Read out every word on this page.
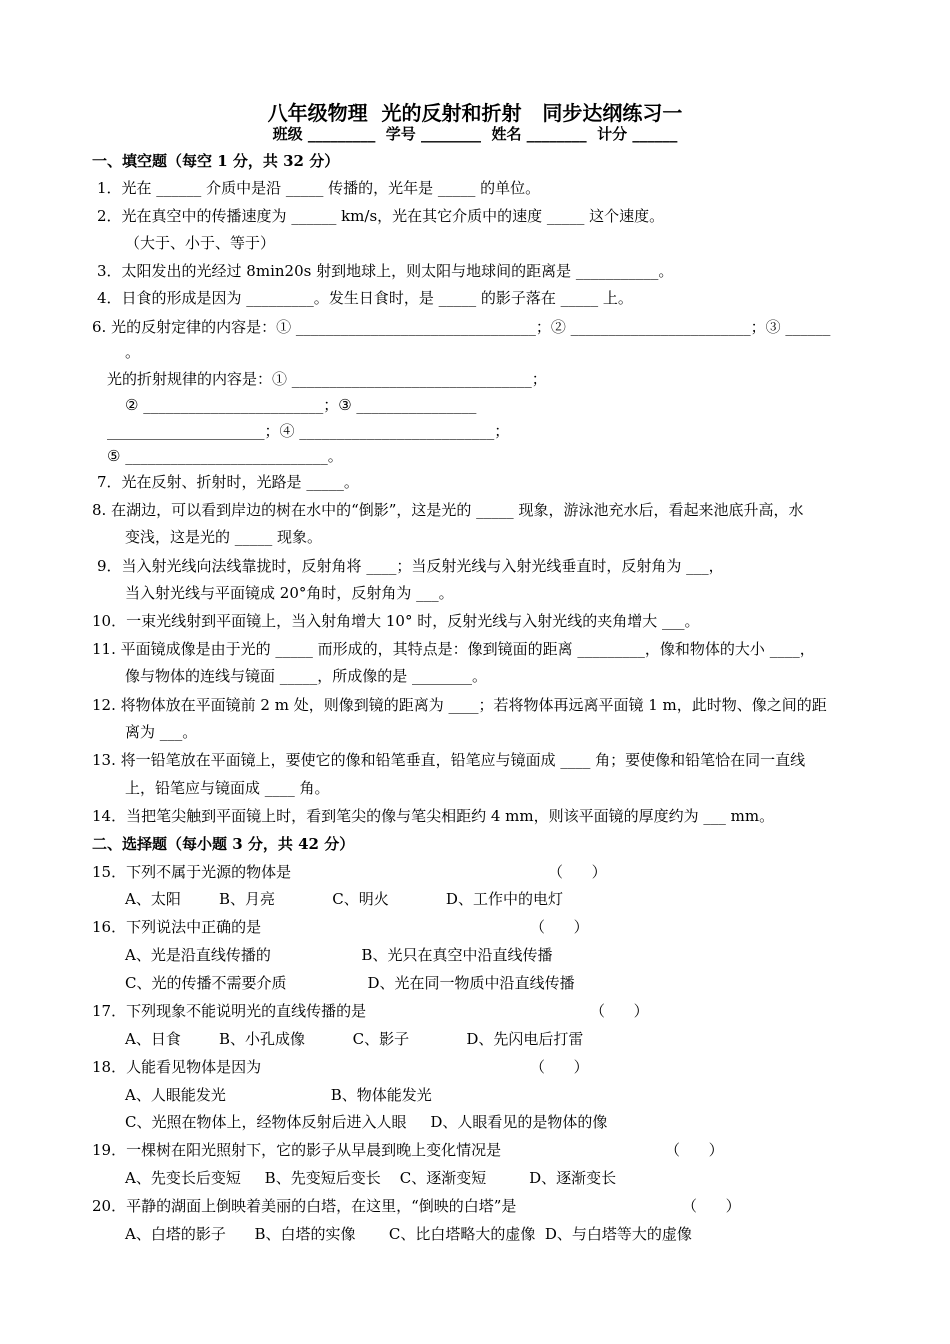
八年级物理  光的反射和折射   同步达纲练习一
班级 _________  学号 ________  姓名 ________  计分 ______
一、填空题（每空 1 分，共 32 分）
1．光在 ______ 介质中是沿 _____ 传播的，光年是 _____ 的单位。
2．光在真空中的传播速度为 ______ km/s，光在其它介质中的速度 _____ 这个速度。
（大于、小于、等于）
3．太阳发出的光经过 8min20s 射到地球上，则太阳与地球间的距离是 ___________。
4．日食的形成是因为 _________。发生日食时，是 _____ 的影子落在 _____ 上。
6. 光的反射定律的内容是：① ________________________________；② ________________________；③ ______
。
光的折射规律的内容是：① ________________________________；
② ________________________；③ ________________
_____________________；④ __________________________；
⑤ ___________________________。
7．光在反射、折射时，光路是 _____。
8. 在湖边，可以看到岸边的树在水中的“倒影”，这是光的 _____ 现象，游泳池充水后，看起来池底升高，水
变浅，这是光的 _____ 现象。
9．当入射光线向法线靠拢时，反射角将 ____；当反射光线与入射光线垂直时，反射角为 ___，
当入射光线与平面镜成 20°角时，反射角为 ___。
10．一束光线射到平面镜上，当入射角增大 10° 时，反射光线与入射光线的夹角增大 ___。
11. 平面镜成像是由于光的 _____ 而形成的，其特点是：像到镜面的距离 _________，像和物体的大小 ____，
像与物体的连线与镜面 _____，所成像的是 ________。
12. 将物体放在平面镜前 2 m 处，则像到镜的距离为 ____；若将物体再远离平面镜 1 m，此时物、像之间的距
离为 ___。
13. 将一铅笔放在平面镜上，要使它的像和铅笔垂直，铅笔应与镜面成 ____ 角；要使像和铅笔恰在同一直线
上，铅笔应与镜面成 ____ 角。
14．当把笔尖触到平面镜上时，看到笔尖的像与笔尖相距约 4 mm，则该平面镜的厚度约为 ___ mm。
二、选择题（每小题 3 分，共 42 分）
15．下列不属于光源的物体是	（      ）
A、太阳        B、月亮            C、明火            D、工作中的电灯
16．下列说法中正确的是	（      ）
A、光是沿直线传播的                   B、光只在真空中沿直线传播
C、光的传播不需要介质                 D、光在同一物质中沿直线传播
17．下列现象不能说明光的直线传播的是	（      ）
A、日食        B、小孔成像          C、影子            D、先闪电后打雷
18．人能看见物体是因为	（      ）
A、人眼能发光                      B、物体能发光
C、光照在物体上，经物体反射后进入人眼     D、人眼看见的是物体的像
19．一棵树在阳光照射下，它的影子从早晨到晚上变化情况是	（      ）
A、先变长后变短     B、先变短后变长    C、逐渐变短         D、逐渐变长
20．平静的湖面上倒映着美丽的白塔，在这里，“倒映的白塔”是	（      ）
A、白塔的影子      B、白塔的实像       C、比白塔略大的虚像  D、与白塔等大的虚像
